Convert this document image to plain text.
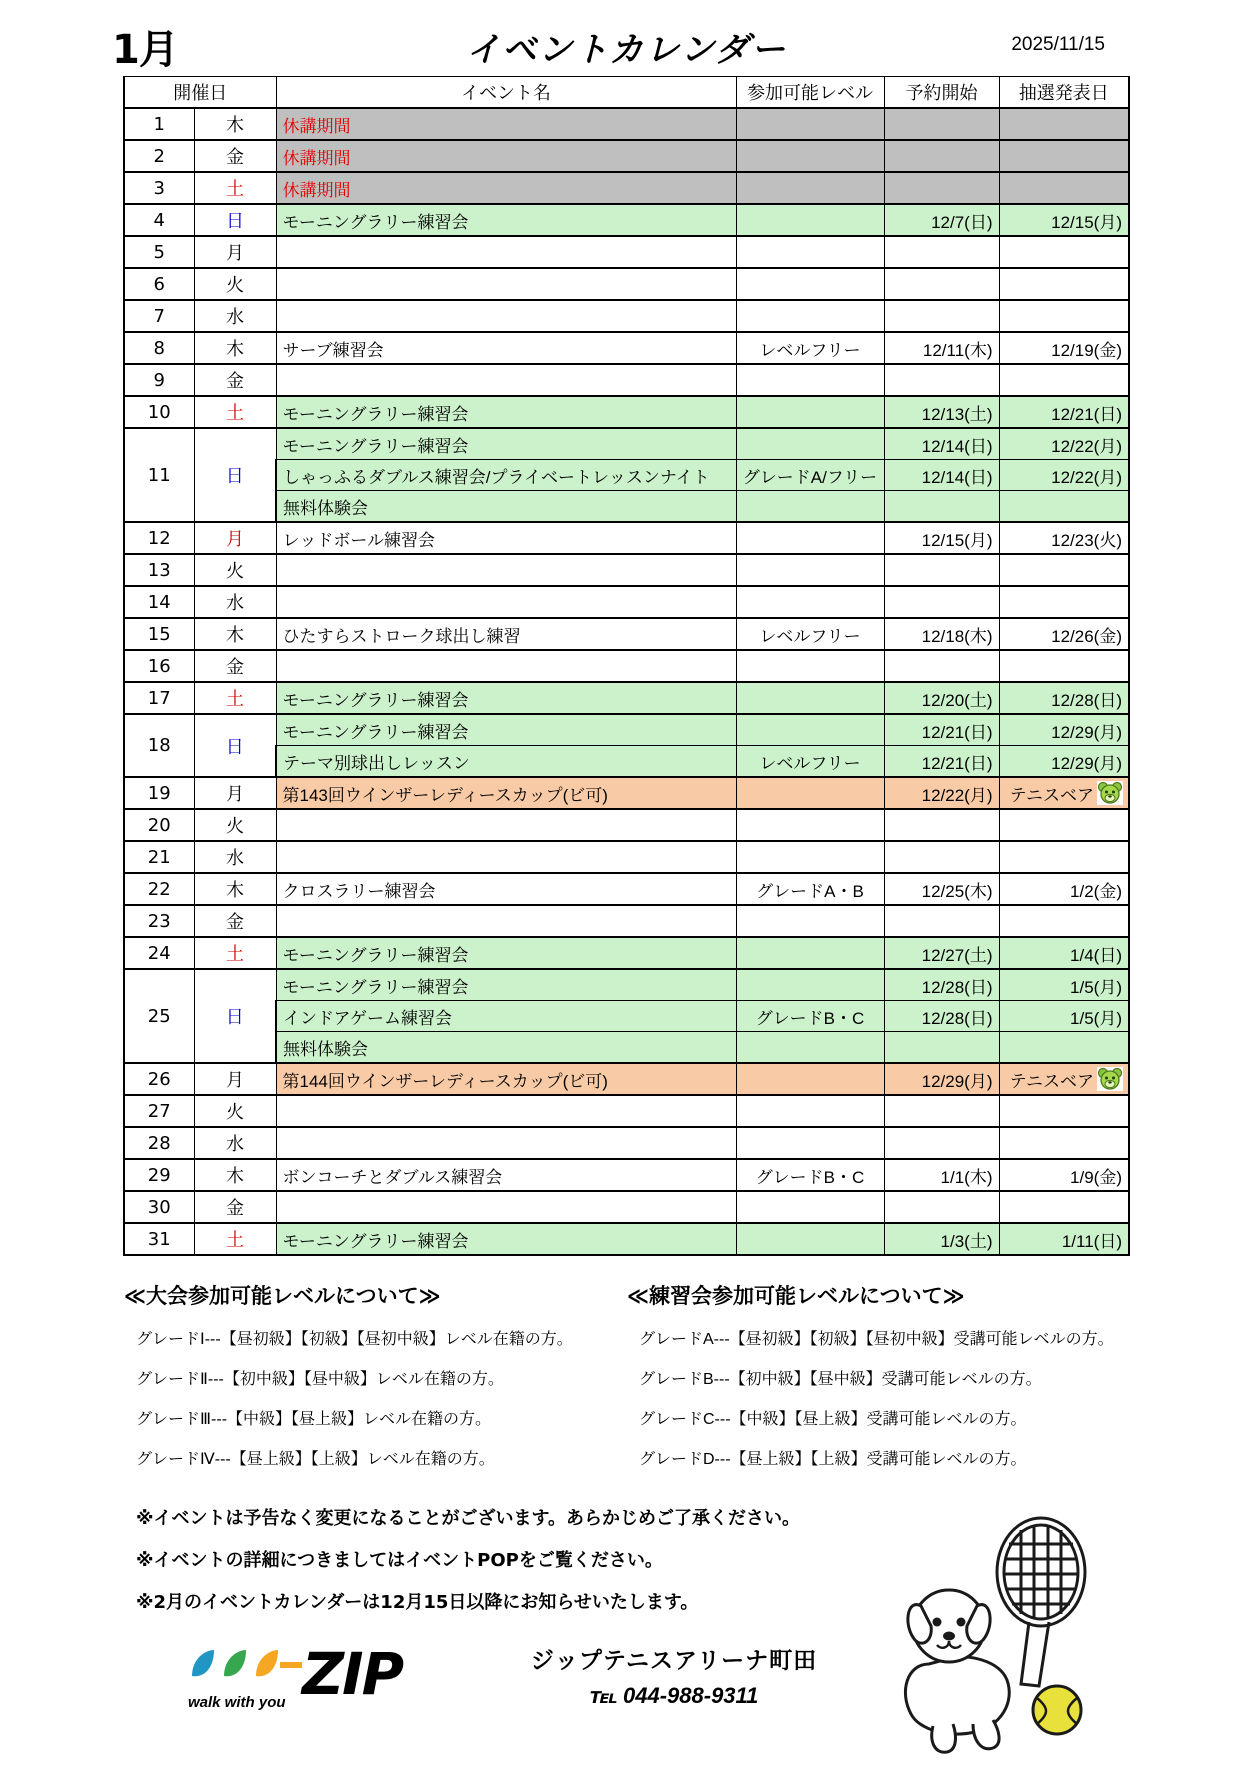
1月	イベントカレンダー	2025/11/15
開催日		イベント名	参加可能レベル	予約開始	抽選発表日
1	木	休講期間			
2	金	休講期間			
3	土	休講期間			
4	日	モーニングラリー練習会		12/7(日)	12/15(月)
5	月				
6	火				
7	水				
8	木	サーブ練習会	レベルフリー	12/11(木)	12/19(金)
9	金				
10	土	モーニングラリー練習会		12/13(土)	12/21(日)
11	日	モーニングラリー練習会		12/14(日)	12/22(月)
		しゃっふるダブルス練習会/プライベートレッスンナイト	グレードA/フリー	12/14(日)	12/22(月)
		無料体験会			
12	月	レッドボール練習会		12/15(月)	12/23(火)
13	火				
14	水				
15	木	ひたすらストローク球出し練習	レベルフリー	12/18(木)	12/26(金)
16	金				
17	土	モーニングラリー練習会		12/20(土)	12/28(日)
18	日	モーニングラリー練習会		12/21(日)	12/29(月)
		テーマ別球出しレッスン	レベルフリー	12/21(日)	12/29(月)
19	月	第143回ウインザーレディースカップ(ビ可)		12/22(月)	テニスベア

20	火				
21	水				
22	木	クロスラリー練習会	グレードA・B	12/25(木)	1/2(金)
23	金				
24	土	モーニングラリー練習会		12/27(土)	1/4(日)
25	日	モーニングラリー練習会		12/28(日)	1/5(月)
		インドアゲーム練習会	グレードB・C	12/28(日)	1/5(月)
		無料体験会			
26	月	第144回ウインザーレディースカップ(ビ可)		12/29(月)	テニスベア

27	火				
28	水				
29	木	ボンコーチとダブルス練習会	グレードB・C	1/1(木)	1/9(金)
30	金				
31	土	モーニングラリー練習会		1/3(土)	1/11(日)
≪大会参加可能レベルについて≫
グレードⅠ---【昼初級】【初級】【昼初中級】レベル在籍の方。
グレードⅡ---【初中級】【昼中級】レベル在籍の方。
グレードⅢ---【中級】【昼上級】レベル在籍の方。
グレードⅣ---【昼上級】【上級】レベル在籍の方。
≪練習会参加可能レベルについて≫
グレードA---【昼初級】【初級】【昼初中級】受講可能レベルの方。
グレードB---【初中級】【昼中級】受講可能レベルの方。
グレードC---【中級】【昼上級】受講可能レベルの方。
グレードD---【昼上級】【上級】受講可能レベルの方。
※イベントは予告なく変更になることがございます。あらかじめご了承ください。
※イベントの詳細につきましてはイベントPOPをご覧ください。
※2月のイベントカレンダーは12月15日以降にお知らせいたします。
ZIP
walk with you
ジップテニスアリーナ町田
℡ 044-988-9311
